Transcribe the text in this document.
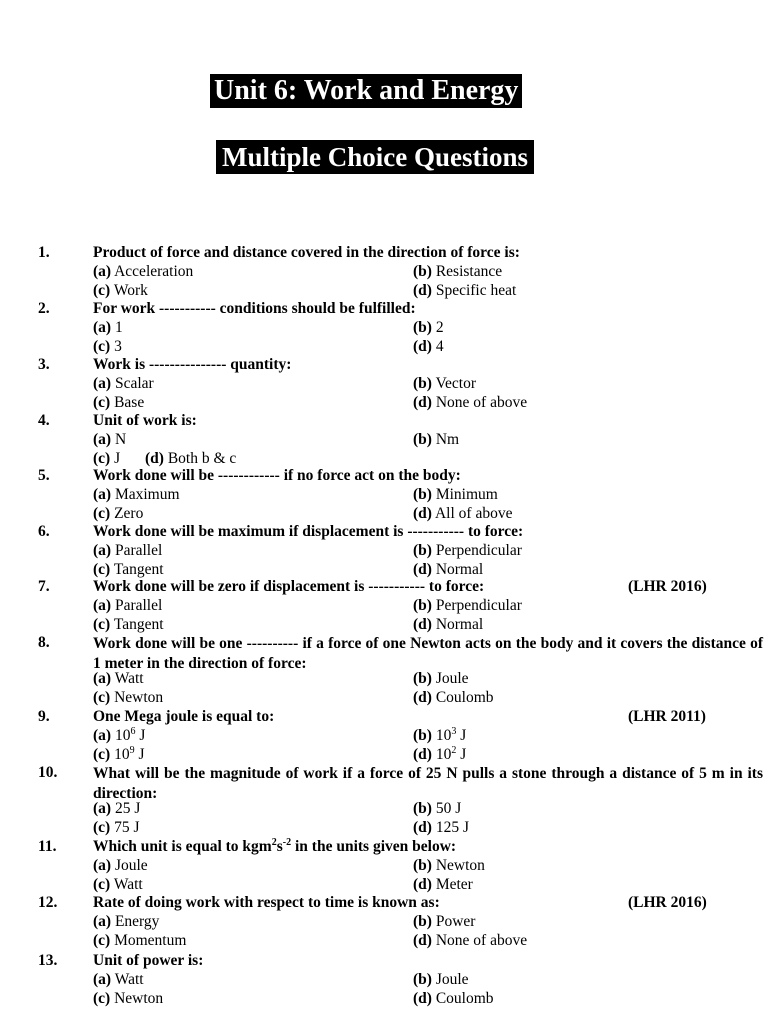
Unit 6: Work and Energy
Multiple Choice Questions
1.	Product of force and distance covered in the direction of force is:
(a) Acceleration	(b) Resistance
(c) Work	(d) Specific heat
2.	For work ----------- conditions should be fulfilled:
(a) 1	(b) 2
(c) 3	(d) 4
3.	Work is --------------- quantity:
(a) Scalar	(b) Vector
(c) Base	(d) None of above
4.	Unit of work is:
(a) N	(b) Nm
(c) J (d) Both b & c
5.	Work done will be ------------ if no force act on the body:
(a) Maximum	(b) Minimum
(c) Zero	(d) All of above
6.	Work done will be maximum if displacement is ----------- to force:
(a) Parallel	(b) Perpendicular
(c) Tangent	(d) Normal
7.	Work done will be zero if displacement is ----------- to force:	(LHR 2016)
(a) Parallel	(b) Perpendicular
(c) Tangent	(d) Normal
8.	Work done will be one ---------- if a force of one Newton acts on the body and it covers the distance of 1 meter in the direction of force:
(a) Watt	(b) Joule
(c) Newton	(d) Coulomb
9.	One Mega joule is equal to:	(LHR 2011)
(a) $10^6$ J	(b) $10^3$ J
(c) $10^9$ J	(d) $10^2$ J
10. What will be the magnitude of work if a force of 25 N pulls a stone through a distance of 5 m in its direction:
(a) 25 J	(b) 50 J
(c) 75 J	(d) 125 J
11. Which unit is equal to $kgm^2s^{-2}$ in the units given below:
(a) Joule	(b) Newton
(c) Watt	(d) Meter
12. Rate of doing work with respect to time is known as:	(LHR 2016)
(a) Energy	(b) Power
(c) Momentum	(d) None of above
13. Unit of power is:
(a) Watt	(b) Joule
(c) Newton	(d) Coulomb
